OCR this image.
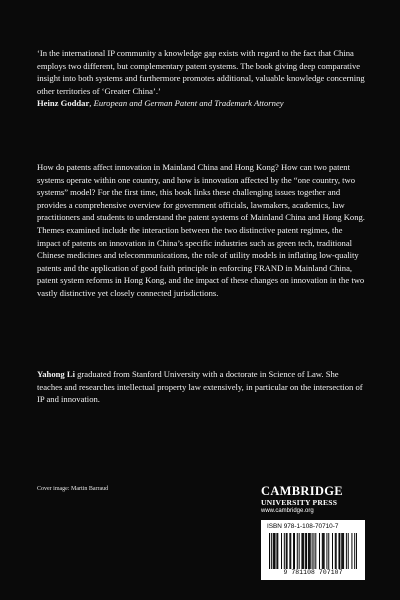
‘In the international IP community a knowledge gap exists with regard to the fact that China employs two different, but complementary patent systems. The book giving deep comparative insight into both systems and furthermore promotes additional, valuable knowledge concerning other territories of ‘Greater China’.’
Heinz Goddar, European and German Patent and Trademark Attorney

How do patents affect innovation in Mainland China and Hong Kong? How can two patent systems operate within one country, and how is innovation affected by the “one country, two systems” model? For the first time, this book links these challenging issues together and provides a comprehensive overview for government officials, lawmakers, academics, law practitioners and students to understand the patent systems of Mainland China and Hong Kong. Themes examined include the interaction between the two distinctive patent regimes, the impact of patents on innovation in China’s specific industries such as green tech, traditional Chinese medicines and telecommunications, the role of utility models in inflating low-quality patents and the application of good faith principle in enforcing FRAND in Mainland China, patent system reforms in Hong Kong, and the impact of these changes on innovation in the two vastly distinctive yet closely connected jurisdictions.

Yahong Li graduated from Stanford University with a doctorate in Science of Law. She teaches and researches intellectual property law extensively, in particular on the intersection of IP and innovation.

Cover image: Martin Barraud	CAMBRIDGE
UNIVERSITY PRESS
www.cambridge.org
ISBN 978-1-108-70710-7
9 781108 707107
